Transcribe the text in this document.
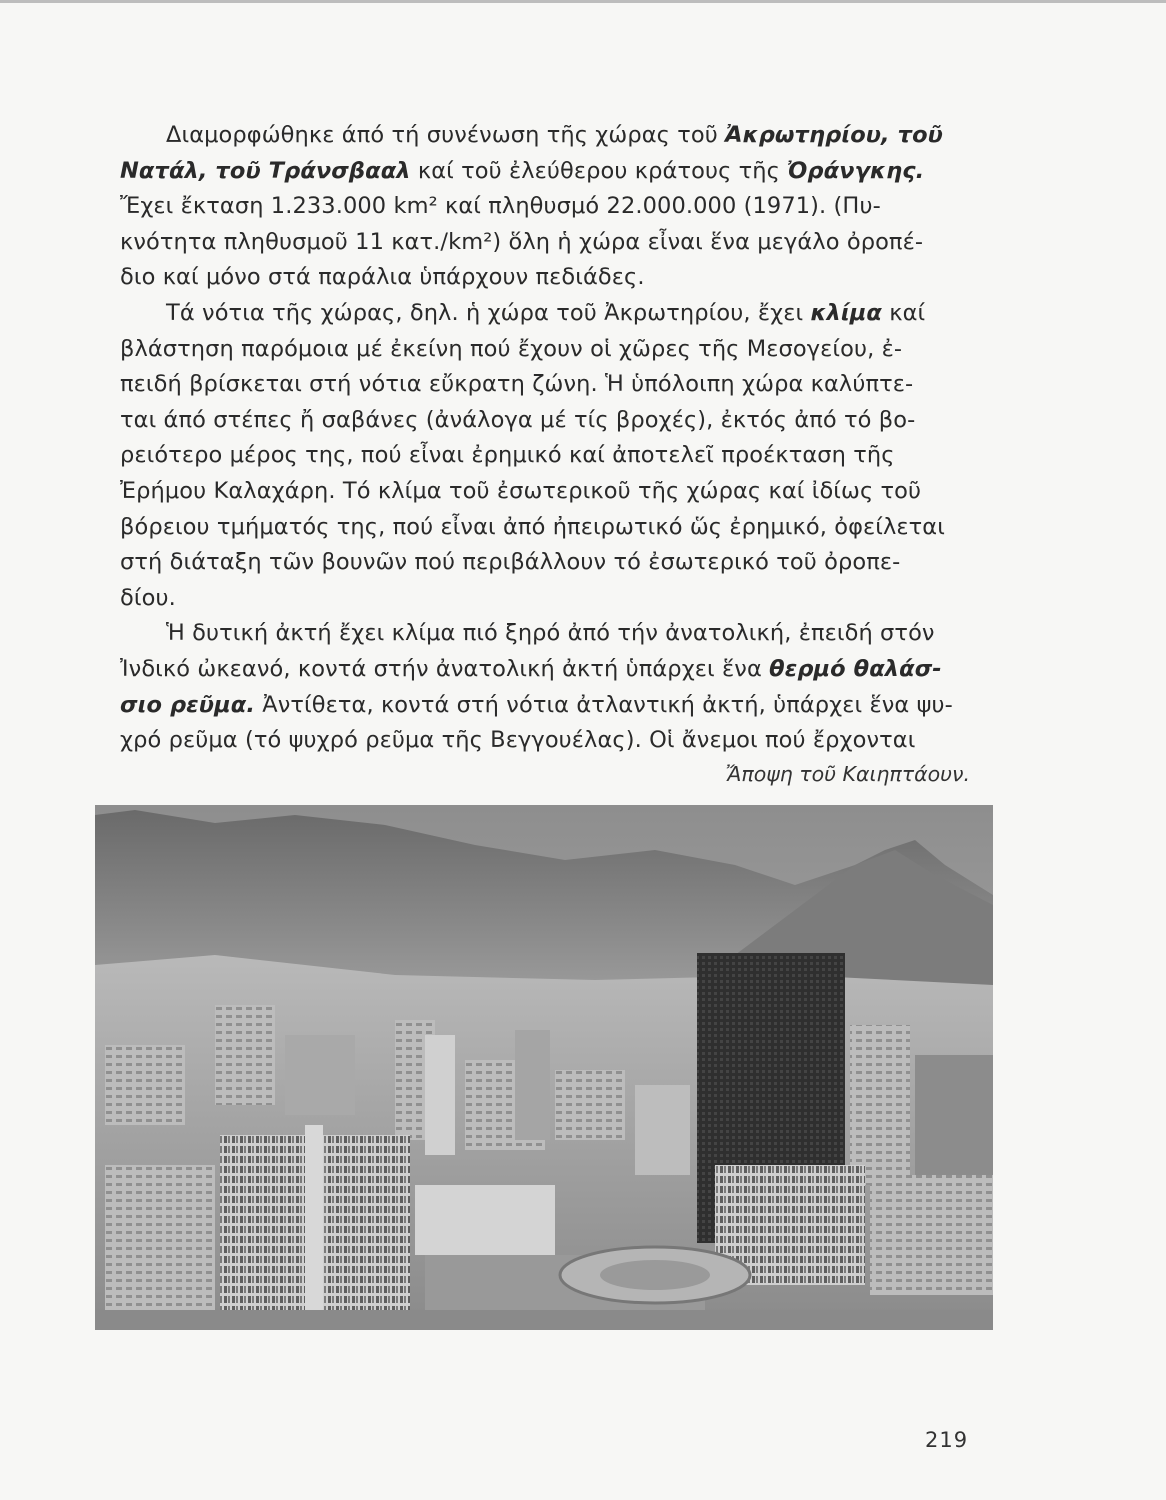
Διαμορφώθηκε άπό τή συνένωση τῆς χώρας τοῦ Ἀκρωτηρίου, τοῦ
Νατάλ, τοῦ Τράνσβααλ καί τοῦ ἐλεύθερου κράτους τῆς Ὀράνγκης.
Ἔχει ἔκταση 1.233.000 km² καί πληθυσμό 22.000.000 (1971). (Πυ-
κνότητα πληθυσμοῦ 11 κατ./km²) ὅλη ἡ χώρα εἶναι ἕνα μεγάλο ὀροπέ-
διο καί μόνο στά παράλια ὑπάρχουν πεδιάδες.
Τά νότια τῆς χώρας, δηλ. ἡ χώρα τοῦ Ἀκρωτηρίου, ἔχει κλίμα καί
βλάστηση παρόμοια μέ ἐκείνη πού ἔχουν οἱ χῶρες τῆς Μεσογείου, ἐ-
πειδή βρίσκεται στή νότια εὔκρατη ζώνη. Ἡ ὑπόλοιπη χώρα καλύπτε-
ται άπό στέπες ἤ σαβάνες (ἀνάλογα μέ τίς βροχές), ἐκτός ἀπό τό βο-
ρειότερο μέρος της, πού εἶναι ἐρημικό καί ἀποτελεῖ προέκταση τῆς
Ἐρήμου Καλαχάρη. Τό κλίμα τοῦ ἐσωτερικοῦ τῆς χώρας καί ἰδίως τοῦ
βόρειου τμήματός της, πού εἶναι ἀπό ἠπειρωτικό ὥς ἐρημικό, ὀφείλεται
στή διάταξη τῶν βουνῶν πού περιβάλλουν τό ἐσωτερικό τοῦ ὀροπε-
δίου.
Ἡ δυτική ἀκτή ἔχει κλίμα πιό ξηρό ἀπό τήν ἀνατολική, ἐπειδή στόν
Ἰνδικό ὠκεανό, κοντά στήν ἀνατολική ἀκτή ὑπάρχει ἕνα θερμό θαλάσ-
σιο ρεῦμα. Ἀντίθετα, κοντά στή νότια ἀτλαντική ἀκτή, ὑπάρχει ἕνα ψυ-
χρό ρεῦμα (τό ψυχρό ρεῦμα τῆς Βεγγουέλας). Οἱ ἄνεμοι πού ἔρχονται
Ἄποψη τοῦ Καιηπτάουν.
219
